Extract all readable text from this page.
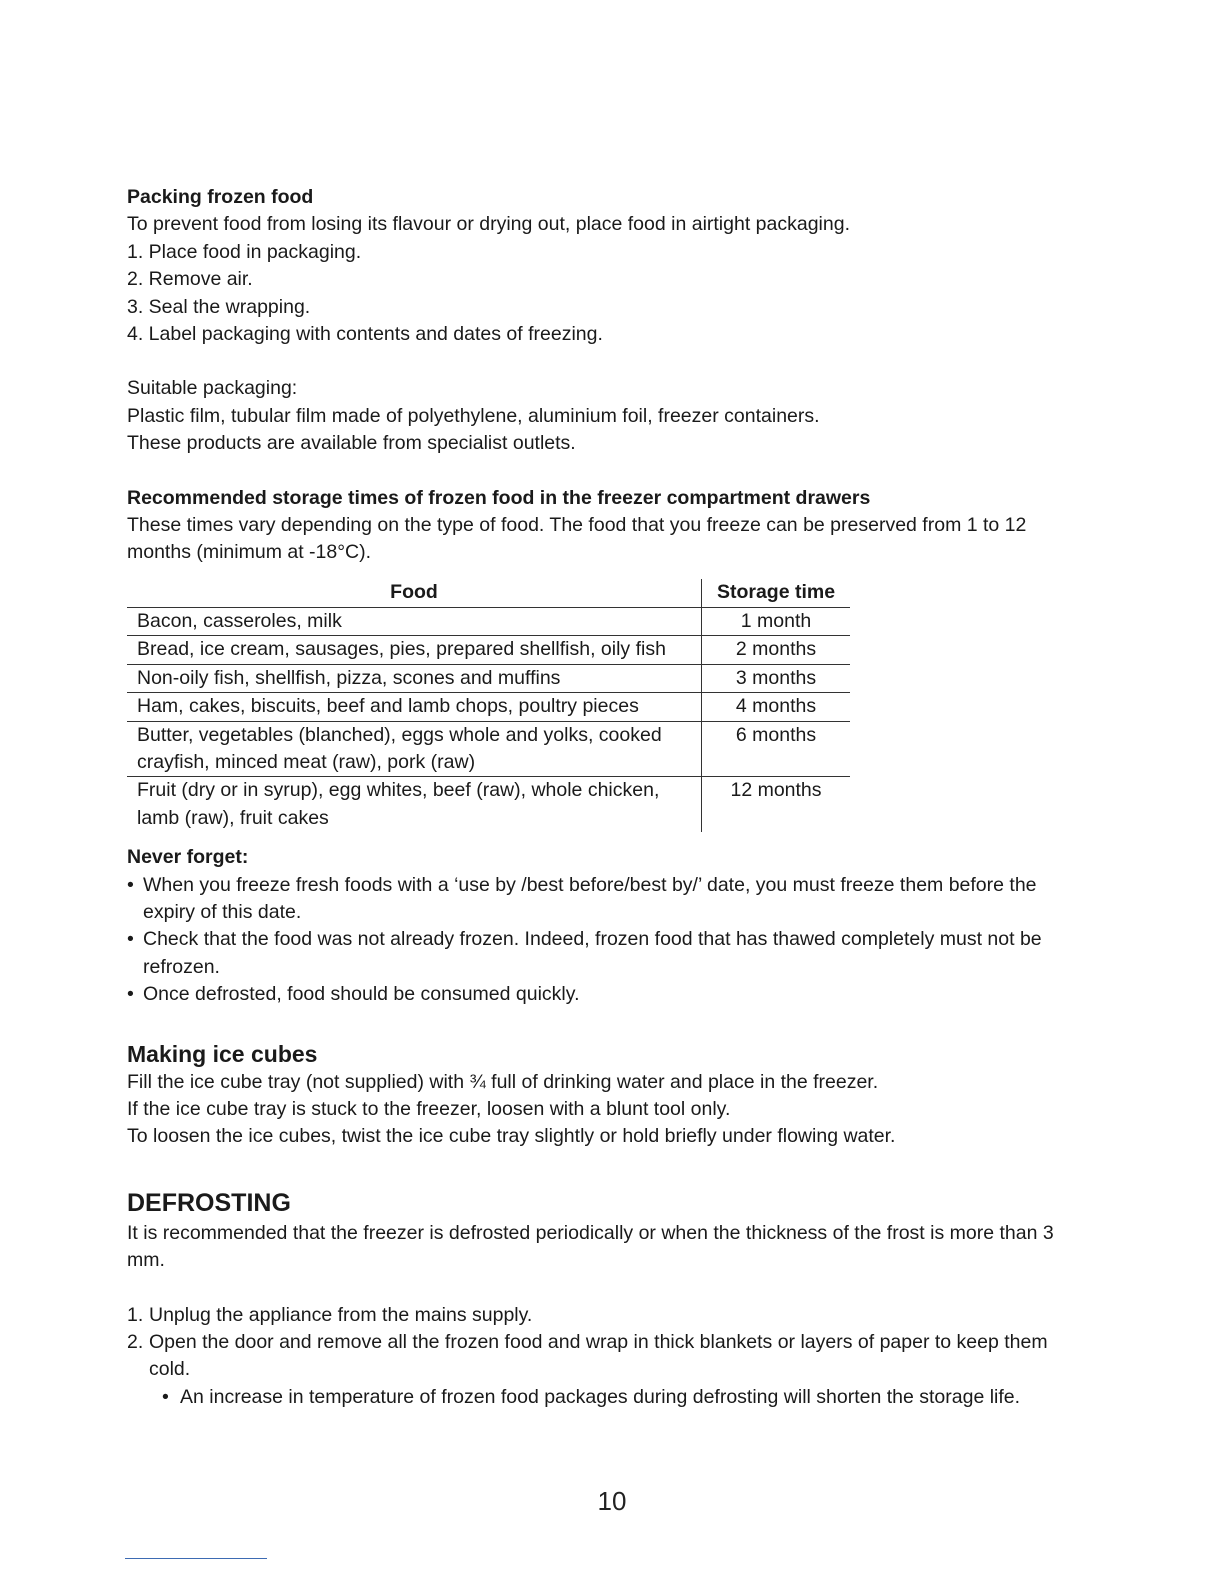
Packing frozen food

To prevent food from losing its flavour or drying out, place food in airtight packaging.

1. Place food in packaging.
2. Remove air.
3. Seal the wrapping.
4. Label packaging with contents and dates of freezing.

Suitable packaging:

Plastic film, tubular film made of polyethylene, aluminium foil, freezer containers.

These products are available from specialist outlets.

Recommended storage times of frozen food in the freezer compartment drawers

These times vary depending on the type of food. The food that you freeze can be preserved from 1 to 12 months (minimum at -18°C).

Food	Storage time
Bacon, casseroles, milk	1 month
Bread, ice cream, sausages, pies, prepared shellfish, oily fish	2 months
Non-oily fish, shellfish, pizza, scones and muffins	3 months
Ham, cakes, biscuits, beef and lamb chops, poultry pieces	4 months
Butter, vegetables (blanched), eggs whole and yolks, cooked crayfish, minced meat (raw), pork (raw)	6 months
Fruit (dry or in syrup), egg whites, beef (raw), whole chicken, lamb (raw), fruit cakes	12 months

Never forget:

• When you freeze fresh foods with a ‘use by /best before/best by/’ date, you must freeze them before the expiry of this date.
• Check that the food was not already frozen. Indeed, frozen food that has thawed completely must not be refrozen.
• Once defrosted, food should be consumed quickly.
Making ice cubes

Fill the ice cube tray (not supplied) with ¾ full of drinking water and place in the freezer.

If the ice cube tray is stuck to the freezer, loosen with a blunt tool only.

To loosen the ice cubes, twist the ice cube tray slightly or hold briefly under flowing water.

DEFROSTING

It is recommended that the freezer is defrosted periodically or when the thickness of the frost is more than 3 mm.

1. Unplug the appliance from the mains supply.
2. Open the door and remove all the frozen food and wrap in thick blankets or layers of paper to keep them cold.

• An increase in temperature of frozen food packages during defrosting will shorten the storage life.

10
